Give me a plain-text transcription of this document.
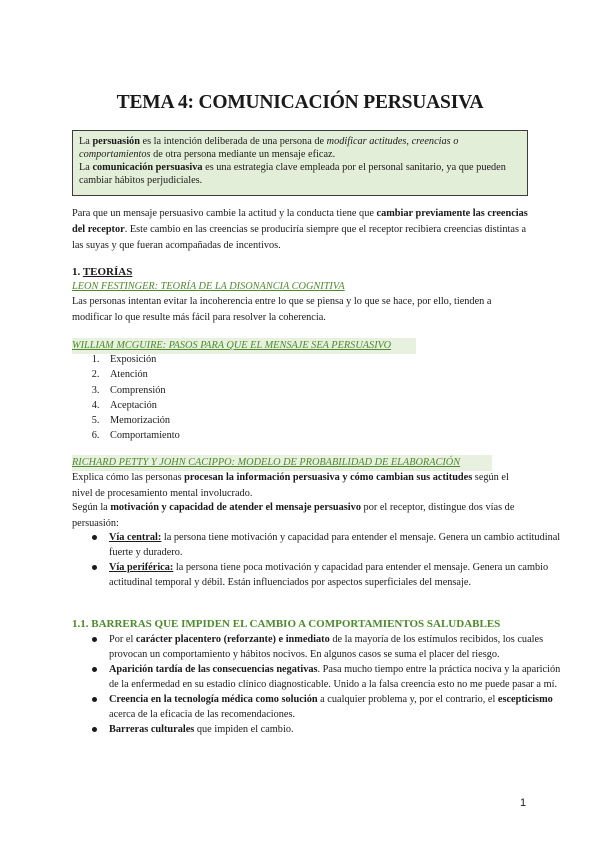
TEMA 4: COMUNICACIÓN PERSUASIVA
La persuasión es la intención deliberada de una persona de modificar actitudes, creencias o comportamientos de otra persona mediante un mensaje eficaz.
La comunicación persuasiva es una estrategia clave empleada por el personal sanitario, ya que pueden cambiar hábitos perjudiciales.
Para que un mensaje persuasivo cambie la actitud y la conducta tiene que cambiar previamente las creencias del receptor. Este cambio en las creencias se produciría siempre que el receptor recibiera creencias distintas a las suyas y que fueran acompañadas de incentivos.
1. TEORÍAS
LEON FESTINGER: TEORÍA DE LA DISONANCIA COGNITIVA
Las personas intentan evitar la incoherencia entre lo que se piensa y lo que se hace, por ello, tienden a modificar lo que resulte más fácil para resolver la coherencia.
WILLIAM MCGUIRE: PASOS PARA QUE EL MENSAJE SEA PERSUASIVO
1. Exposición
2. Atención
3. Comprensión
4. Aceptación
5. Memorización
6. Comportamiento
RICHARD PETTY Y JOHN CACIPPO: MODELO DE PROBABILIDAD DE ELABORACIÓN
Explica cómo las personas procesan la información persuasiva y cómo cambian sus actitudes según el nivel de procesamiento mental involucrado.
Según la motivación y capacidad de atender el mensaje persuasivo por el receptor, distingue dos vías de persuasión:
Vía central: la persona tiene motivación y capacidad para entender el mensaje. Genera un cambio actitudinal fuerte y duradero.
Vía periférica: la persona tiene poca motivación y capacidad para entender el mensaje. Genera un cambio actitudinal temporal y débil. Están influenciados por aspectos superficiales del mensaje.
1.1. BARRERAS QUE IMPIDEN EL CAMBIO A COMPORTAMIENTOS SALUDABLES
Por el carácter placentero (reforzante) e inmediato de la mayoría de los estímulos recibidos, los cuales provocan un comportamiento y hábitos nocivos. En algunos casos se suma el placer del riesgo.
Aparición tardía de las consecuencias negativas. Pasa mucho tiempo entre la práctica nociva y la aparición de la enfermedad en su estadio clínico diagnosticable. Unido a la falsa creencia esto no me puede pasar a mí.
Creencia en la tecnología médica como solución a cualquier problema y, por el contrario, el escepticismo acerca de la eficacia de las recomendaciones.
Barreras culturales que impiden el cambio.
1
